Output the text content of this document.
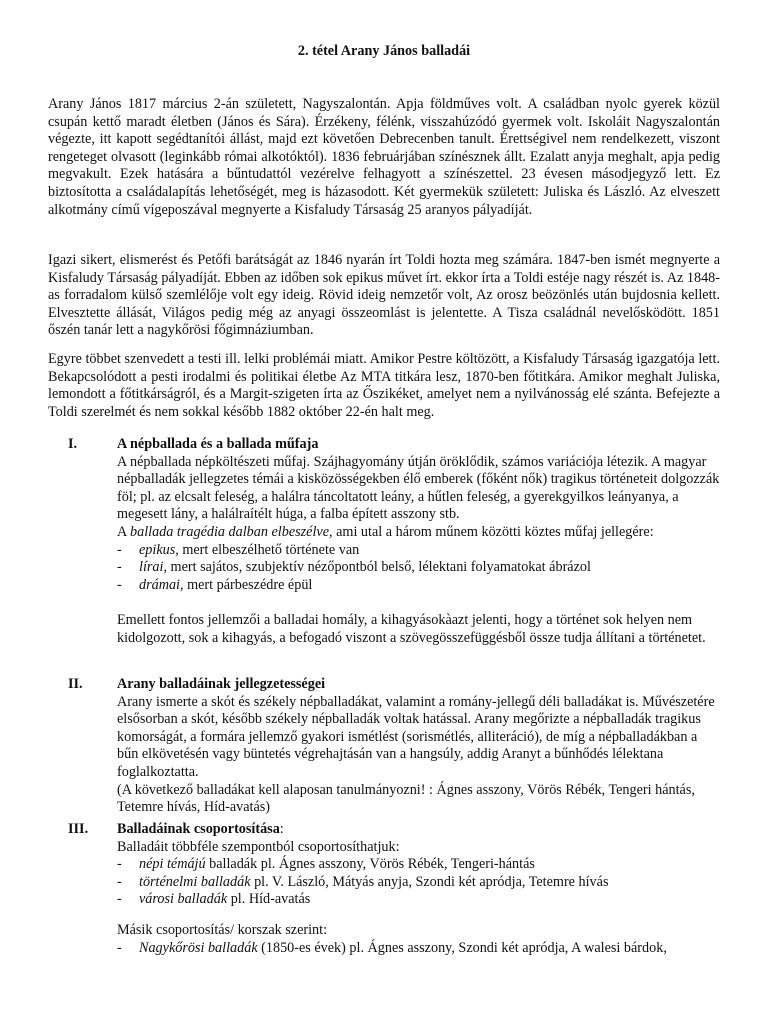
2. tétel Arany János balladái

Arany János 1817 március 2-án született, Nagyszalontán. Apja földműves volt. A családban nyolc gyerek közül csupán kettő maradt életben (János és Sára). Érzékeny, félénk, visszahúzódó gyermek volt. Iskoláit Nagyszalontán végezte, itt kapott segédtanítói állást, majd ezt követően Debrecenben tanult. Érettségivel nem rendelkezett, viszont rengeteget olvasott (leginkább római alkotóktól). 1836 februárjában színésznek állt. Ezalatt anyja meghalt, apja pedig megvakult. Ezek hatására a bűntudattól vezérelve felhagyott a színészettel. 23 évesen másodjegyző lett. Ez biztosította a családalapítás lehetőségét, meg is házasodott. Két gyermekük született: Juliska és László. Az elveszett alkotmány című vígeposzával megnyerte a Kisfaludy Társaság 25 aranyos pályadíját.

Igazi sikert, elismerést és Petőfi barátságát az 1846 nyarán írt Toldi hozta meg számára. 1847-ben ismét megnyerte a Kisfaludy Társaság pályadíját. Ebben az időben sok epikus művet írt. ekkor írta a Toldi estéje nagy részét is. Az 1848-as forradalom külső szemlélője volt egy ideig. Rövid ideig nemzetőr volt, Az orosz beözönlés után bujdosnia kellett. Elvesztette állását, Világos pedig még az anyagi összeomlást is jelentette. A Tisza családnál nevelősködött. 1851 őszén tanár lett a nagykőrösi főgimnáziumban.

Egyre többet szenvedett a testi ill. lelki problémái miatt. Amikor Pestre költözött, a Kisfaludy Társaság igazgatója lett. Bekapcsolódott a pesti irodalmi és politikai életbe Az MTA titkára lesz, 1870-ben főtitkára. Amikor meghalt Juliska, lemondott a főtitkárságról, és a Margit-szigeten írta az Őszikéket, amelyet nem a nyilvánosság elé szánta. Befejezte a Toldi szerelmét és nem sokkal később 1882 október 22-én halt meg.

I.	A népballada és a ballada műfaja

A népballada népköltészeti műfaj. Szájhagyomány útján öröklődik, számos variációja létezik. A magyar népballadák jellegzetes témái a kisközösségekben élő emberek (főként nők) tragikus történeteit dolgozzák föl; pl. az elcsalt feleség, a halálra táncoltatott leány, a hűtlen feleség, a gyerekgyilkos leányanya, a megesett lány, a halálraítélt húga, a falba épített asszony stb.

A ballada tragédia dalban elbeszélve, ami utal a három műnem közötti köztes műfaj jellegére:

- epikus, mert elbeszélhető története van

- lírai, mert sajátos, szubjektív nézőpontból belső, lélektani folyamatokat ábrázol

- drámai, mert párbeszédre épül

Emellett fontos jellemzői a balladai homály, a kihagyásokàazt jelenti, hogy a történet sok helyen nem kidolgozott, sok a kihagyás, a befogadó viszont a szövegösszefüggésből össze tudja állítani a történetet.

II. Arany balladáinak jellegzetességei

Arany ismerte a skót és székely népballadákat, valamint a romány-jellegű déli balladákat is. Művészetére elsősorban a skót, később székely népballadák voltak hatással. Arany megőrizte a népballadák tragikus komorságát, a formára jellemző gyakori ismétlést (sorismétlés, alliteráció), de míg a népballadákban a bűn elkövetésén vagy büntetés végrehajtásán van a hangsúly, addig Aranyt a bűnhődés lélektana foglalkoztatta.

(A következő balladákat kell alaposan tanulmányozni! : Ágnes asszony, Vörös Rébék, Tengeri hántás, Tetemre hívás, Híd-avatás)

III. Balladáinak csoportosítása:

Balladáit többféle szempontból csoportosíthatjuk:

- népi témájú balladák pl. Ágnes asszony, Vörös Rébék, Tengeri-hántás

- történelmi balladák pl. V. László, Mátyás anyja, Szondi két apródja, Tetemre hívás

- városi balladák pl. Híd-avatás

Másik csoportosítás/ korszak szerint:

- Nagykőrösi balladák (1850-es évek) pl. Ágnes asszony, Szondi két apródja, A walesi bárdok,
